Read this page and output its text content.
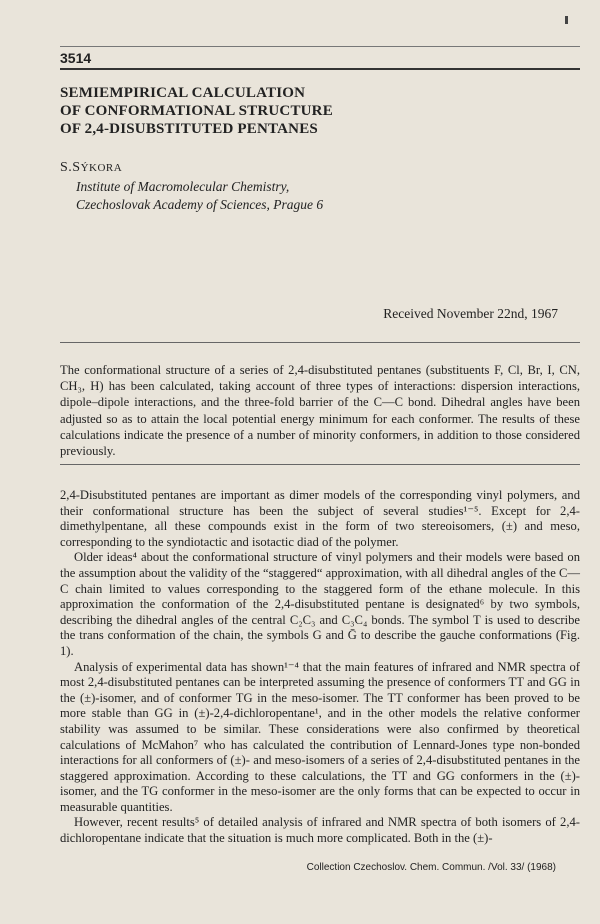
3514
SEMIEMPIRICAL CALCULATION
OF CONFORMATIONAL STRUCTURE
OF 2,4-DISUBSTITUTED PENTANES
S.SÝKORA
Institute of Macromolecular Chemistry,
Czechoslovak Academy of Sciences, Prague 6
Received November 22nd, 1967

The conformational structure of a series of 2,4-disubstituted pentanes (substituents F, Cl, Br, I, CN, CH₃, H) has been calculated, taking account of three types of interactions: dispersion interactions, dipole–dipole interactions, and the three-fold barrier of the C—C bond. Dihedral angles have been adjusted so as to attain the local potential energy minimum for each conformer. The results of these calculations indicate the presence of a number of minority conformers, in addition to those considered previously.

2,4-Disubstituted pentanes are important as dimer models of the corresponding vinyl polymers, and their conformational structure has been the subject of several studies¹⁻⁵. Except for 2,4-dimethylpentane, all these compounds exist in the form of two stereoisomers, (±) and meso, corresponding to the syndiotactic and isotactic diad of the polymer.

Older ideas⁴ about the conformational structure of vinyl polymers and their models were based on the assumption about the validity of the “staggered“ approximation, with all dihedral angles of the C—C chain limited to values corresponding to the staggered form of the ethane molecule. In this approximation the conformation of the 2,4-disubstituted pentane is designated⁶ by two symbols, describing the dihedral angles of the central C₂C₃ and C₃C₄ bonds. The symbol T is used to describe the trans conformation of the chain, the symbols G and Ḡ to describe the gauche conformations (Fig. 1).

Analysis of experimental data has shown¹⁻⁴ that the main features of infrared and NMR spectra of most 2,4-disubstituted pentanes can be interpreted assuming the presence of conformers TT and GG in the (±)-isomer, and of conformer TG in the meso-isomer. The TT conformer has been proved to be more stable than GG in (±)-2,4-dichloropentane¹, and in the other models the relative conformer stability was assumed to be similar. These considerations were also confirmed by theoretical calculations of McMahon⁷ who has calculated the contribution of Lennard-Jones type non-bonded interactions for all conformers of (±)- and meso-isomers of a series of 2,4-disubstituted pentanes in the staggered approximation. According to these calculations, the TT and GG conformers in the (±)-isomer, and the TG conformer in the meso-isomer are the only forms that can be expected to occur in measurable quantities.

However, recent results⁵ of detailed analysis of infrared and NMR spectra of both isomers of 2,4-dichloropentane indicate that the situation is much more complicated. Both in the (±)-

Collection Czechoslov. Chem. Commun. /Vol. 33/ (1968)
